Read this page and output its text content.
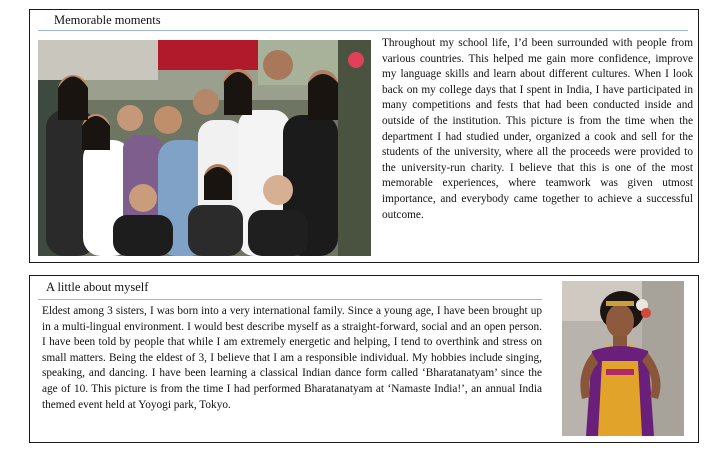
Memorable moments
Throughout my school life, I’d been surrounded with people from various countries. This helped me gain more confidence, improve my language skills and learn about different cultures. When I look back on my college days that I spent in India, I have participated in many competitions and fests that had been conducted inside and outside of the institution. This picture is from the time when the department I had studied under, organized a cook and sell for the students of the university, where all the proceeds were provided to the university-run charity. I believe that this is one of the most memorable experiences, where teamwork was given utmost importance, and everybody came together to achieve a successful outcome.
A little about myself
Eldest among 3 sisters, I was born into a very international family. Since a young age, I have been brought up in a multi-lingual environment. I would best describe myself as a straight-forward, social and an open person. I have been told by people that while I am extremely energetic and helping, I tend to overthink and stress on small matters. Being the eldest of 3, I believe that I am a responsible individual. My hobbies include singing, speaking, and dancing. I have been learning a classical Indian dance form called ‘Bharatanatyam’ since the age of 10. This picture is from the time I had performed Bharatanatyam at ‘Namaste India!’, an annual India themed event held at Yoyogi park, Tokyo.
